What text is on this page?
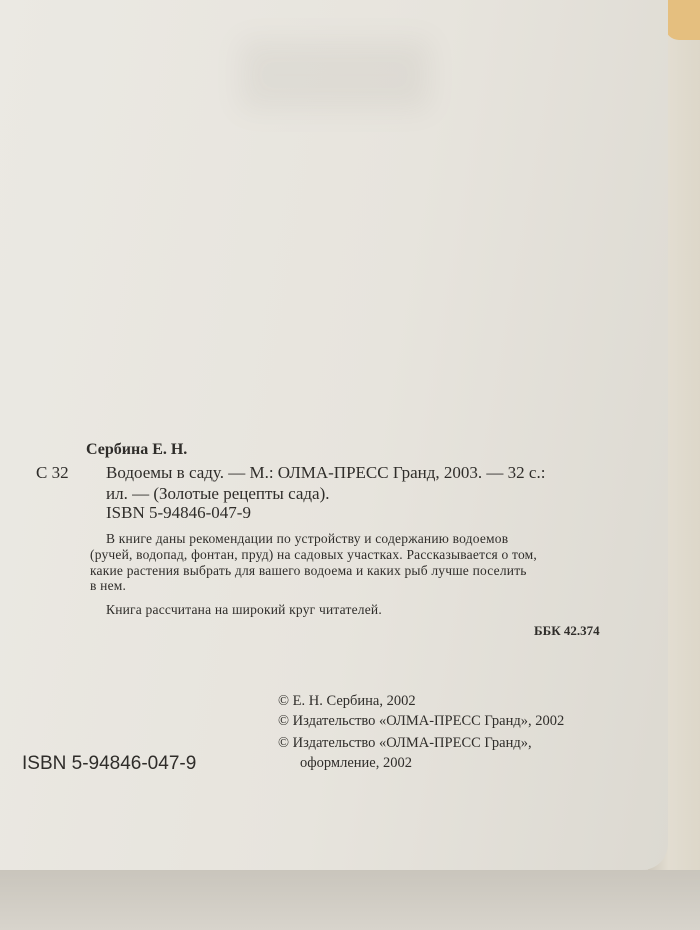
Сербина Е. Н.
С 32 Водоемы в саду. — М.: ОЛМА-ПРЕСС Гранд, 2003. — 32 с.:
ил. — (Золотые рецепты сада).
ISBN 5-94846-047-9
В книге даны рекомендации по устройству и содержанию водоемов
(ручей, водопад, фонтан, пруд) на садовых участках. Рассказывается о том,
какие растения выбрать для вашего водоема и каких рыб лучше поселить
в нем.
Книга рассчитана на широкий круг читателей.
ББК 42.374
© Е. Н. Сербина, 2002
© Издательство «ОЛМА-ПРЕСС Гранд», 2002
© Издательство «ОЛМА-ПРЕСС Гранд»,
оформление, 2002
ISBN 5-94846-047-9
